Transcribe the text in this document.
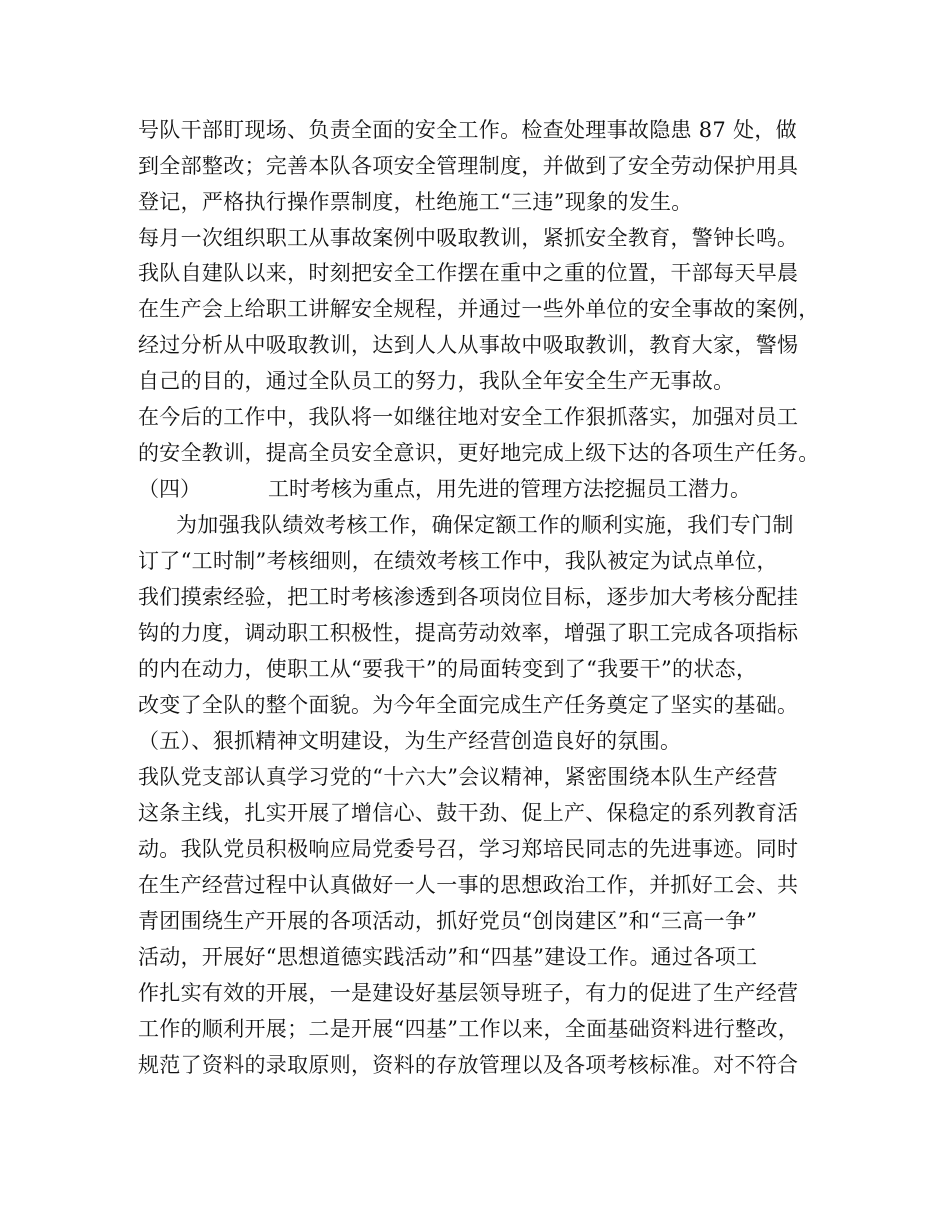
号队干部盯现场、负责全面的安全工作。检查处理事故隐患 87 处，做
到全部整改；完善本队各项安全管理制度，并做到了安全劳动保护用具
登记，严格执行操作票制度，杜绝施工“三违”现象的发生。
每月一次组织职工从事故案例中吸取教训，紧抓安全教育，警钟长鸣。
我队自建队以来，时刻把安全工作摆在重中之重的位置，干部每天早晨
在生产会上给职工讲解安全规程，并通过一些外单位的安全事故的案例，
经过分析从中吸取教训，达到人人从事故中吸取教训，教育大家，警惕
自己的目的，通过全队员工的努力，我队全年安全生产无事故。
在今后的工作中，我队将一如继往地对安全工作狠抓落实，加强对员工
的安全教训，提高全员安全意识，更好地完成上级下达的各项生产任务。
（四）	工时考核为重点，用先进的管理方法挖掘员工潜力。
为加强我队绩效考核工作，确保定额工作的顺利实施，我们专门制
订了“工时制”考核细则，在绩效考核工作中，我队被定为试点单位，
我们摸索经验，把工时考核渗透到各项岗位目标，逐步加大考核分配挂
钩的力度，调动职工积极性，提高劳动效率，增强了职工完成各项指标
的内在动力，使职工从“要我干”的局面转变到了“我要干”的状态，
改变了全队的整个面貌。为今年全面完成生产任务奠定了坚实的基础。
（五）、狠抓精神文明建设，为生产经营创造良好的氛围。
我队党支部认真学习党的“十六大”会议精神，紧密围绕本队生产经营
这条主线，扎实开展了增信心、鼓干劲、促上产、保稳定的系列教育活
动。我队党员积极响应局党委号召，学习郑培民同志的先进事迹。同时
在生产经营过程中认真做好一人一事的思想政治工作，并抓好工会、共
青团围绕生产开展的各项活动，抓好党员“创岗建区”和“三高一争”
活动，开展好“思想道德实践活动”和“四基”建设工作。通过各项工
作扎实有效的开展，一是建设好基层领导班子，有力的促进了生产经营
工作的顺利开展；二是开展“四基”工作以来，全面基础资料进行整改，
规范了资料的录取原则，资料的存放管理以及各项考核标准。对不符合
